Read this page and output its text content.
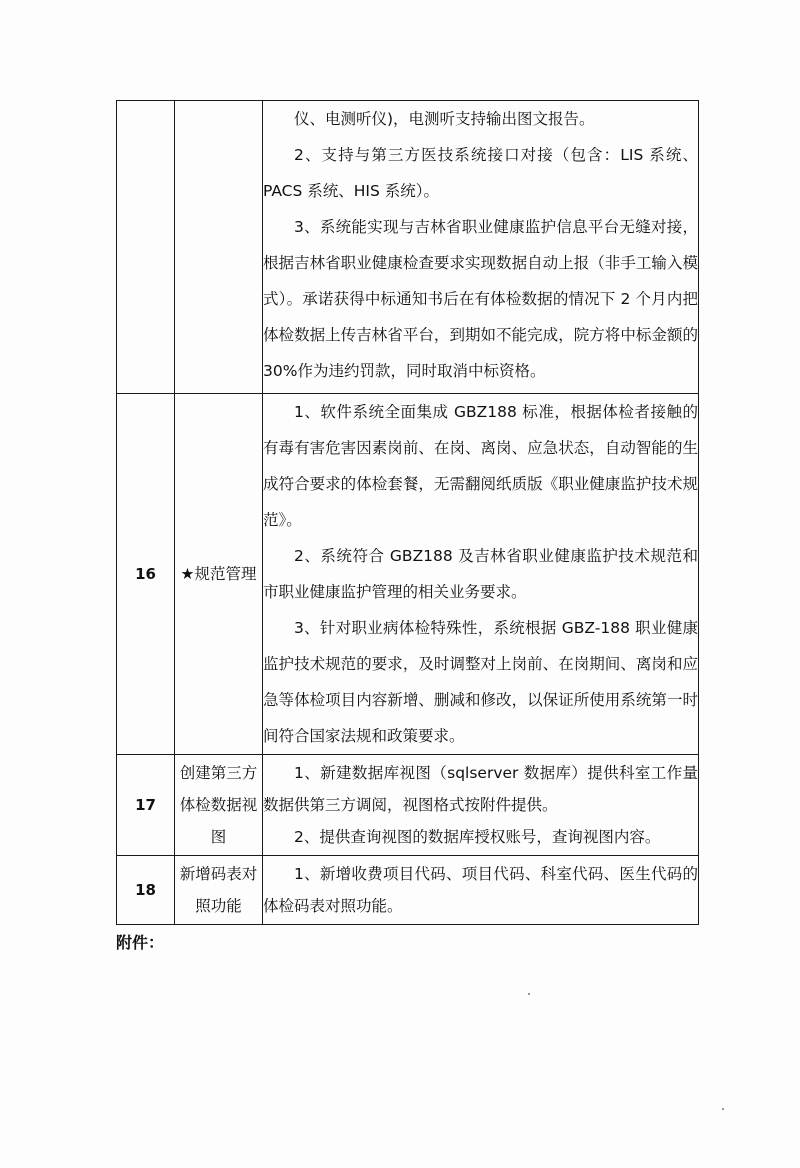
		仪、电测听仪)，电测听支持输出图文报告。

2、支持与第三方医技系统接口对接（包含：LIS 系统、PACS 系统、HIS 系统）。

3、系统能实现与吉林省职业健康监护信息平台无缝对接，根据吉林省职业健康检查要求实现数据自动上报（非手工输入模式）。承诺获得中标通知书后在有体检数据的情况下 2 个月内把体检数据上传吉林省平台，到期如不能完成，院方将中标金额的 30%作为违约罚款，同时取消中标资格。

16	★规范管理	1、软件系统全面集成 GBZ188 标准，根据体检者接触的有毒有害危害因素岗前、在岗、离岗、应急状态，自动智能的生成符合要求的体检套餐，无需翻阅纸质版《职业健康监护技术规范》。

2、系统符合 GBZ188 及吉林省职业健康监护技术规范和市职业健康监护管理的相关业务要求。

3、针对职业病体检特殊性，系统根据 GBZ-188 职业健康监护技术规范的要求，及时调整对上岗前、在岗期间、离岗和应急等体检项目内容新增、删减和修改，以保证所使用系统第一时间符合国家法规和政策要求。

17	创建第三方体检数据视图	1、新建数据库视图（sqlserver 数据库）提供科室工作量数据供第三方调阅，视图格式按附件提供。

2、提供查询视图的数据库授权账号，查询视图内容。

18	新增码表对照功能	1、新增收费项目代码、项目代码、科室代码、医生代码的体检码表对照功能。

附件：
